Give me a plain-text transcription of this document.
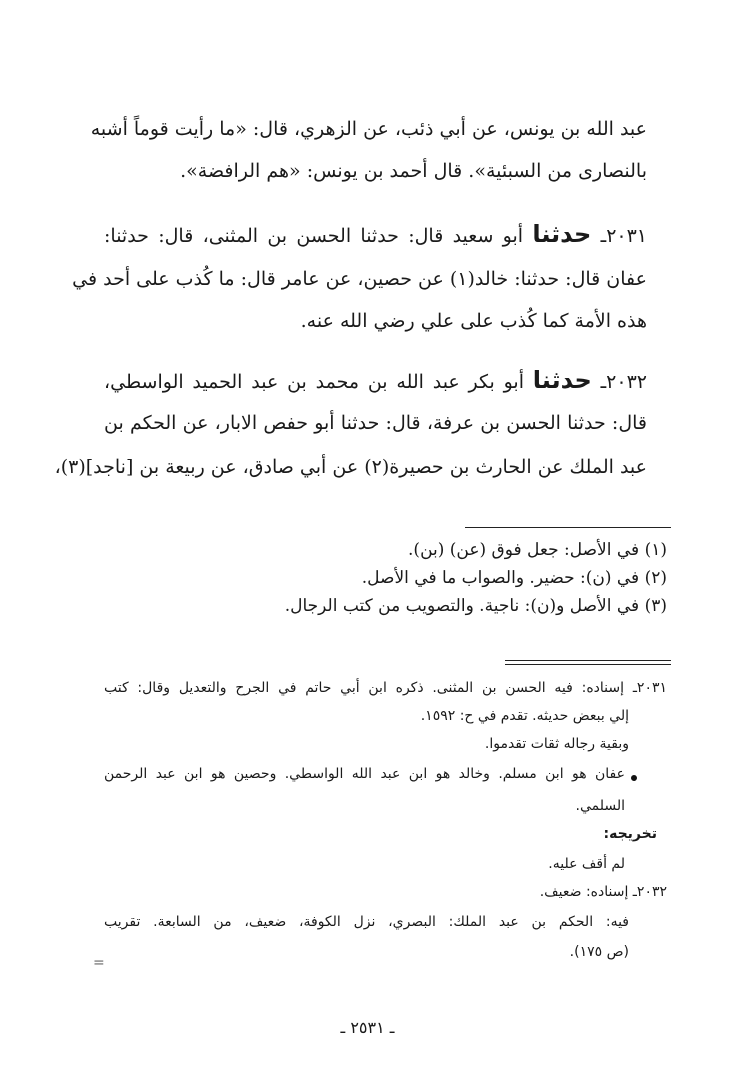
عبد الله بن يونس، عن أبي ذئب، عن الزهري، قال: «ما رأيت قوماً أشبه
بالنصارى من السبئية». قال أحمد بن يونس: «هم الرافضة».
٢٠٣١ـ حدثنا أبو سعيد قال: حدثنا الحسن بن المثنى، قال: حدثنا:
عفان قال: حدثنا: خالد(١) عن حصين، عن عامر قال: ما كُذب على أحد في
هذه الأمة كما كُذب على علي رضي الله عنه.
٢٠٣٢ـ حدثنا أبو بكر عبد الله بن محمد بن عبد الحميد الواسطي،
قال: حدثنا الحسن بن عرفة، قال: حدثنا أبو حفص الابار، عن الحكم بن
عبد الملك عن الحارث بن حصيرة(٢) عن أبي صادق، عن ربيعة بن [ناجد](٣)،
(١) في الأصل: جعل فوق (عن) (بن).
(٢) في (ن): حضير. والصواب ما في الأصل.
(٣) في الأصل و(ن): ناجية. والتصويب من كتب الرجال.
٢٠٣١ـ إسناده: فيه الحسن بن المثنى. ذكره ابن أبي حاتم في الجرح والتعديل وقال: كتب
إلي ببعض حديثه. تقدم في ح: ١٥٩٢.
وبقية رجاله ثقات تقدموا.
عفان هو ابن مسلم. وخالد هو ابن عبد الله الواسطي. وحصين هو ابن عبد الرحمن
السلمي.
تخريجه:
لم أقف عليه.
٢٠٣٢ـ إسناده: ضعيف.
فيه: الحكم بن عبد الملك: البصري، نزل الكوفة، ضعيف، من السابعة. تقريب
(ص ١٧٥).
=
ـ ٢٥٣١ ـ
